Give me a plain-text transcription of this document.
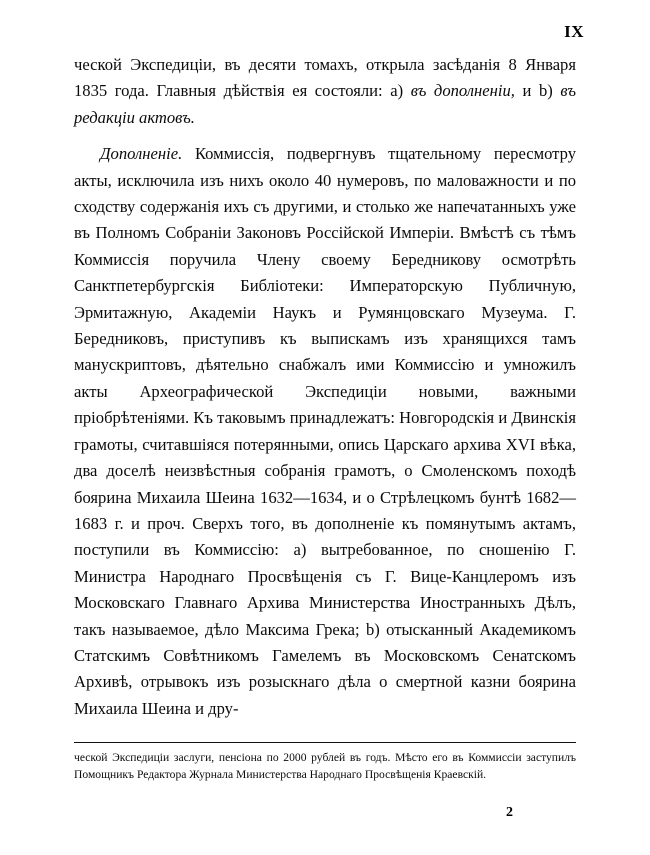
IX

ческой Экспедиціи, въ десяти томахъ, открыла засѣданія 8 Января 1835 года. Главныя дѣйствія ея состояли: а) въ дополненіи, и b) въ редакціи актовъ.

Дополненіе. Коммиссія, подвергнувъ тщательному пересмотру акты, исключила изъ нихъ около 40 нумеровъ, по маловажности и по сходству содержанія ихъ съ другими, и столько же напечатанныхъ уже въ Полномъ Собраніи Законовъ Россійской Имперіи. Вмѣстѣ съ тѣмъ Коммиссія поручила Члену своему Бередникову осмотрѣть Санктпетербургскія Библіотеки: Императорскую Публичную, Эрмитажную, Академіи Наукъ и Румянцовскаго Музеума. Г. Бередниковъ, приступивъ къ выпискамъ изъ хранящихся тамъ манускриптовъ, дѣятельно снабжалъ ими Коммиссію и умножилъ акты Археографической Экспедиціи новыми, важными пріобрѣтеніями. Къ таковымъ принадлежатъ: Новгородскія и Двинскія грамоты, считавшіяся потерянными, опись Царскаго архива XVI вѣка, два доселѣ неизвѣстныя собранія грамотъ, о Смоленскомъ походѣ боярина Михаила Шеина 1632—1634, и о Стрѣлецкомъ бунтѣ 1682—1683 г. и проч. Сверхъ того, въ дополненіе къ помянутымъ актамъ, поступили въ Коммиссію: а) вытребованное, по сношенію Г. Министра Народнаго Просвѣщенія съ Г. Вице-Канцлеромъ изъ Московскаго Главнаго Архива Министерства Иностранныхъ Дѣлъ, такъ называемое, дѣло Максима Грека; b) отысканный Академикомъ Статскимъ Совѣтникомъ Гамелемъ въ Московскомъ Сенатскомъ Архивѣ, отрывокъ изъ розыскнаго дѣла о смертной казни боярина Михаила Шеина и дру-

ческой Экспедиціи заслуги, пенсіона по 2000 рублей въ годъ. Мѣсто его въ Коммиссіи заступилъ Помощникъ Редактора Журнала Министерства Народнаго Просвѣщенія Краевскій.

2
